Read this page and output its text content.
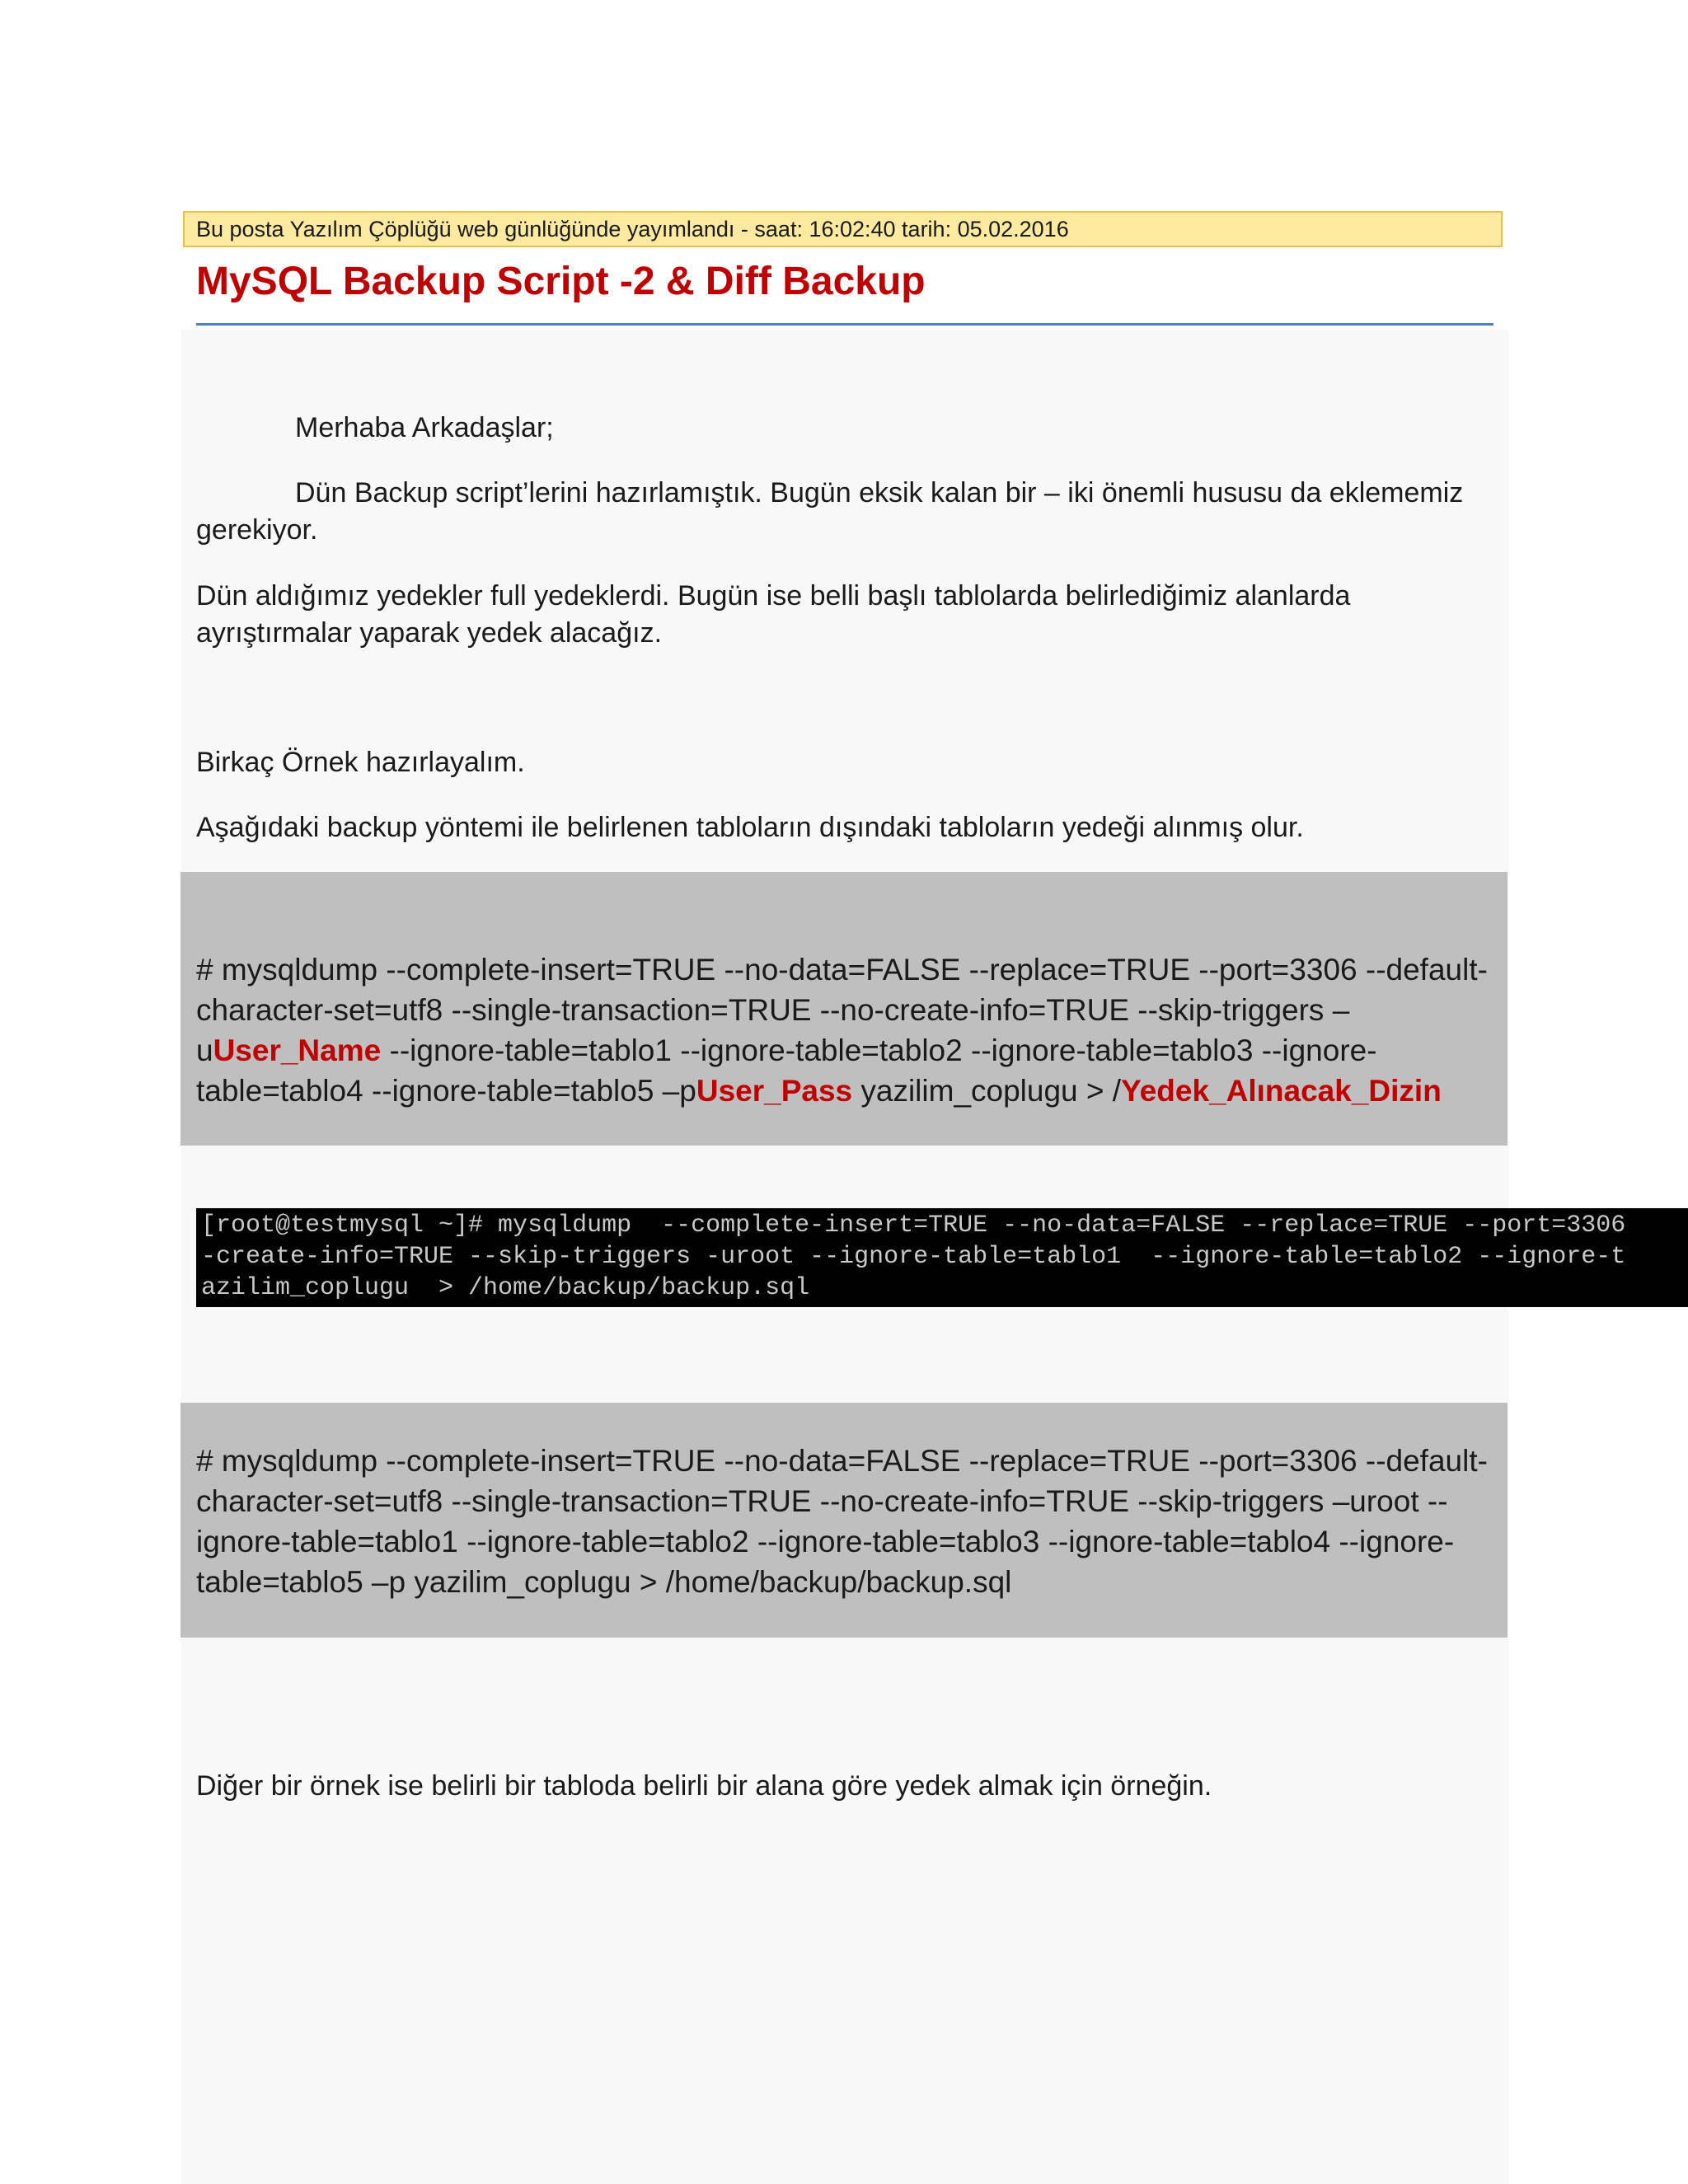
Bu posta Yazılım Çöplüğü web günlüğünde yayımlandı - saat: 16:02:40 tarih: 05.02.2016
MySQL Backup Script -2 & Diff Backup
Merhaba Arkadaşlar;
Dün Backup script’lerini hazırlamıştık. Bugün eksik kalan bir – iki önemli hususu da eklememiz gerekiyor.
Dün aldığımız yedekler full yedeklerdi. Bugün ise belli başlı tablolarda belirlediğimiz alanlarda ayrıştırmalar yaparak yedek alacağız.
Birkaç Örnek hazırlayalım.
Aşağıdaki backup yöntemi ile belirlenen tabloların dışındaki tabloların yedeği alınmış olur.
# mysqldump --complete-insert=TRUE --no-data=FALSE --replace=TRUE --port=3306 --default-character-set=utf8 --single-transaction=TRUE --no-create-info=TRUE --skip-triggers –uUser_Name --ignore-table=tablo1 --ignore-table=tablo2 --ignore-table=tablo3 --ignore-table=tablo4 --ignore-table=tablo5 –pUser_Pass yazilim_coplugu > /Yedek_Alınacak_Dizin
[root@testmysql ~]# mysqldump  --complete-insert=TRUE --no-data=FALSE --replace=TRUE --port=3306
-create-info=TRUE --skip-triggers -uroot --ignore-table=tablo1  --ignore-table=tablo2 --ignore-t
azilim_coplugu  > /home/backup/backup.sql
# mysqldump --complete-insert=TRUE --no-data=FALSE --replace=TRUE --port=3306 --default-character-set=utf8 --single-transaction=TRUE --no-create-info=TRUE --skip-triggers –uroot --ignore-table=tablo1 --ignore-table=tablo2 --ignore-table=tablo3 --ignore-table=tablo4 --ignore-table=tablo5 –p yazilim_coplugu > /home/backup/backup.sql
Diğer bir örnek ise belirli bir tabloda belirli bir alana göre yedek almak için örneğin.
